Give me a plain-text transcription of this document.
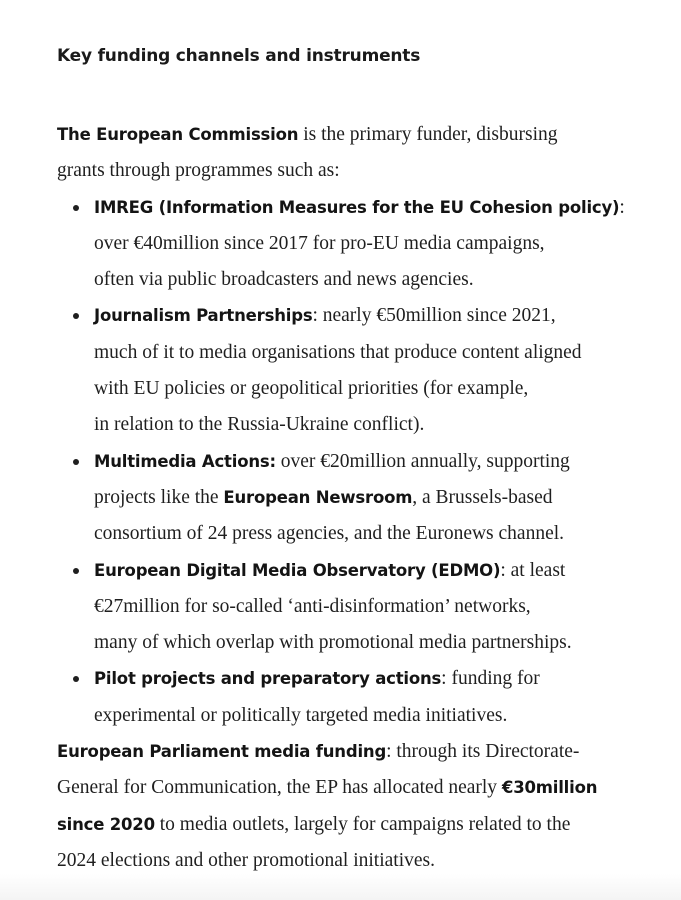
Key funding channels and instruments

The European Commission is the primary funder, disbursing
grants through programmes such as:

IMREG (Information Measures for the EU Cohesion policy):
over €40million since 2017 for pro-EU media campaigns,
often via public broadcasters and news agencies.
Journalism Partnerships: nearly €50million since 2021,
much of it to media organisations that produce content aligned
with EU policies or geopolitical priorities (for example,
in relation to the Russia-Ukraine conflict).
Multimedia Actions: over €20million annually, supporting
projects like the European Newsroom, a Brussels-based
consortium of 24 press agencies, and the Euronews channel.
European Digital Media Observatory (EDMO): at least
€27million for so-called ‘anti-disinformation’ networks,
many of which overlap with promotional media partnerships.
Pilot projects and preparatory actions: funding for
experimental or politically targeted media initiatives.

European Parliament media funding: through its Directorate-
General for Communication, the EP has allocated nearly €30million
since 2020 to media outlets, largely for campaigns related to the
2024 elections and other promotional initiatives.
